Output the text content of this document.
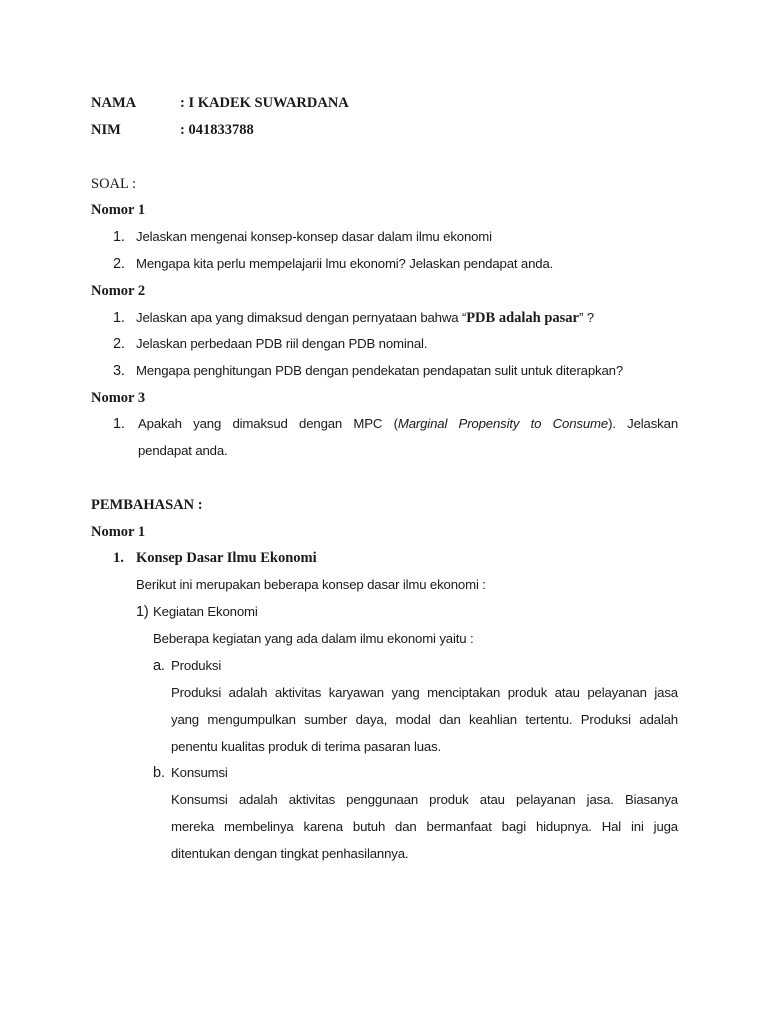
NAMA	: I KADEK SUWARDANA
NIM	: 041833788
SOAL :
Nomor 1
1. Jelaskan mengenai konsep-konsep dasar dalam ilmu ekonomi
2. Mengapa kita perlu mempelajarii lmu ekonomi? Jelaskan pendapat anda.
Nomor 2
1. Jelaskan apa yang dimaksud dengan pernyataan bahwa “PDB adalah pasar” ?
2. Jelaskan perbedaan PDB riil dengan PDB nominal.
3. Mengapa penghitungan PDB dengan pendekatan pendapatan sulit untuk diterapkan?
Nomor 3
1. Apakah yang dimaksud dengan MPC (Marginal Propensity to Consume). Jelaskan
pendapat anda.
PEMBAHASAN :
Nomor 1
1. Konsep Dasar Ilmu Ekonomi
Berikut ini merupakan beberapa konsep dasar ilmu ekonomi :
1) Kegiatan Ekonomi
Beberapa kegiatan yang ada dalam ilmu ekonomi yaitu :
a. Produksi
Produksi adalah aktivitas karyawan yang menciptakan produk atau pelayanan jasa
yang mengumpulkan sumber daya, modal dan keahlian tertentu. Produksi adalah
penentu kualitas produk di terima pasaran luas.
b. Konsumsi
Konsumsi adalah aktivitas penggunaan produk atau pelayanan jasa. Biasanya
mereka membelinya karena butuh dan bermanfaat bagi hidupnya. Hal ini juga
ditentukan dengan tingkat penhasilannya.
